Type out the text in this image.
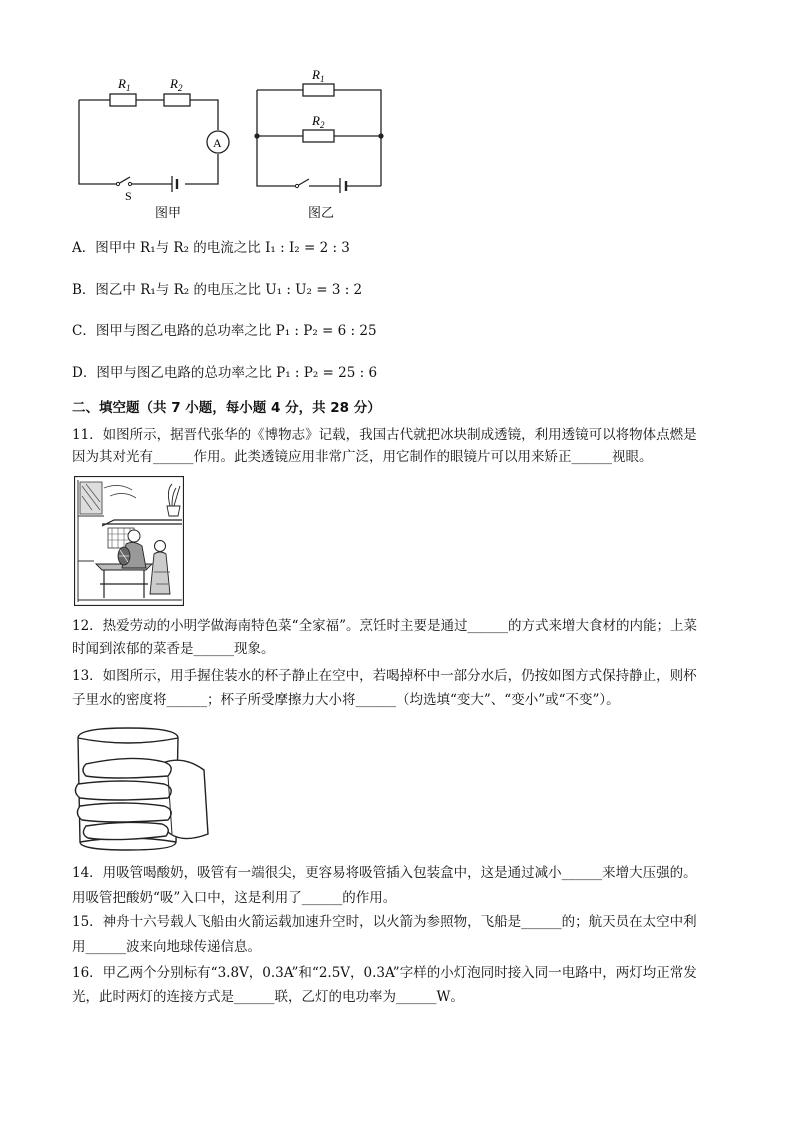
$R_1$	$R_2$
A
S
图甲
$R_1$
$R_2$
图乙
A．图甲中 R₁与 R₂ 的电流之比 I₁ : I₂ = 2 : 3
B．图乙中 R₁与 R₂ 的电压之比 U₁ : U₂ = 3 : 2
C．图甲与图乙电路的总功率之比 P₁ : P₂ = 6 : 25
D．图甲与图乙电路的总功率之比 P₁ : P₂ = 25 : 6
二、填空题（共 7 小题，每小题 4 分，共 28 分）
11．如图所示，据晋代张华的《博物志》记载，我国古代就把冰块制成透镜，利用透镜可以将物体点燃是
因为其对光有______作用。此类透镜应用非常广泛，用它制作的眼镜片可以用来矫正______视眼。
12．热爱劳动的小明学做海南特色菜“全家福”。烹饪时主要是通过______的方式来增大食材的内能；上菜
时闻到浓郁的菜香是______现象。
13．如图所示，用手握住装水的杯子静止在空中，若喝掉杯中一部分水后，仍按如图方式保持静止，则杯
子里水的密度将______；杯子所受摩擦力大小将______（均选填“变大”、“变小”或“不变”）。
14．用吸管喝酸奶，吸管有一端很尖，更容易将吸管插入包装盒中，这是通过减小______来增大压强的。
用吸管把酸奶“吸”入口中，这是利用了______的作用。
15．神舟十六号载人飞船由火箭运载加速升空时，以火箭为参照物，飞船是______的；航天员在太空中利
用______波来向地球传递信息。
16．甲乙两个分别标有“3.8V，0.3A”和“2.5V，0.3A”字样的小灯泡同时接入同一电路中，两灯均正常发
光，此时两灯的连接方式是______联，乙灯的电功率为______W。
